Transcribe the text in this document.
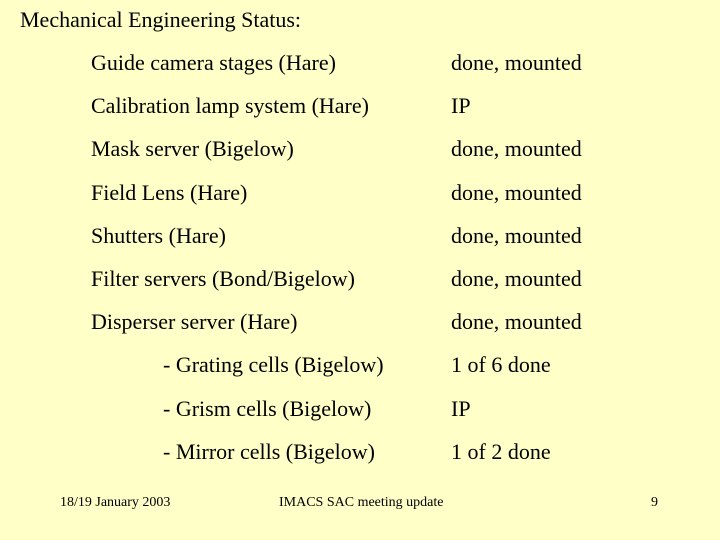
Mechanical Engineering Status:
Guide camera stages (Hare)	done, mounted
Calibration lamp system (Hare)	IP
Mask server (Bigelow)	done, mounted
Field Lens (Hare)	done, mounted
Shutters (Hare)	done, mounted
Filter servers (Bond/Bigelow)	done, mounted
Disperser server (Hare)	done, mounted
- Grating cells (Bigelow)	1 of 6 done
- Grism cells (Bigelow)	IP
- Mirror cells (Bigelow)	1 of 2 done
18/19 January 2003	IMACS SAC meeting update	9
